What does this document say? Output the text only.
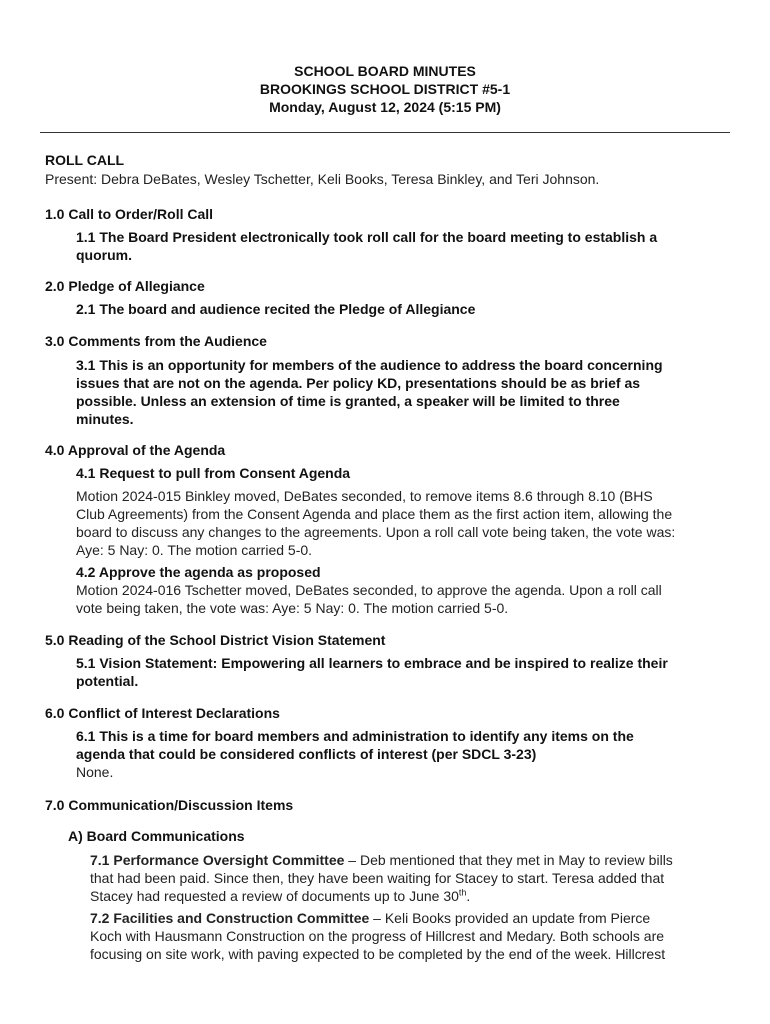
SCHOOL BOARD MINUTES
BROOKINGS SCHOOL DISTRICT #5-1
Monday, August 12, 2024 (5:15 PM)
ROLL CALL
Present: Debra DeBates, Wesley Tschetter, Keli Books, Teresa Binkley, and Teri Johnson.
1.0 Call to Order/Roll Call
1.1 The Board President electronically took roll call for the board meeting to establish a
quorum.
2.0 Pledge of Allegiance
2.1 The board and audience recited the Pledge of Allegiance
3.0 Comments from the Audience
3.1 This is an opportunity for members of the audience to address the board concerning
issues that are not on the agenda. Per policy KD, presentations should be as brief as
possible. Unless an extension of time is granted, a speaker will be limited to three
minutes.
4.0 Approval of the Agenda
4.1 Request to pull from Consent Agenda
Motion 2024-015 Binkley moved, DeBates seconded, to remove items 8.6 through 8.10 (BHS
Club Agreements) from the Consent Agenda and place them as the first action item, allowing the
board to discuss any changes to the agreements. Upon a roll call vote being taken, the vote was:
Aye: 5 Nay: 0. The motion carried 5-0.
4.2 Approve the agenda as proposed
Motion 2024-016 Tschetter moved, DeBates seconded, to approve the agenda. Upon a roll call
vote being taken, the vote was: Aye: 5 Nay: 0. The motion carried 5-0.
5.0 Reading of the School District Vision Statement
5.1 Vision Statement: Empowering all learners to embrace and be inspired to realize their
potential.
6.0 Conflict of Interest Declarations
6.1 This is a time for board members and administration to identify any items on the
agenda that could be considered conflicts of interest (per SDCL 3-23)
None.
7.0 Communication/Discussion Items
A) Board Communications
7.1 Performance Oversight Committee – Deb mentioned that they met in May to review bills
that had been paid. Since then, they have been waiting for Stacey to start. Teresa added that
Stacey had requested a review of documents up to June 30th.
7.2 Facilities and Construction Committee – Keli Books provided an update from Pierce
Koch with Hausmann Construction on the progress of Hillcrest and Medary. Both schools are
focusing on site work, with paving expected to be completed by the end of the week. Hillcrest
